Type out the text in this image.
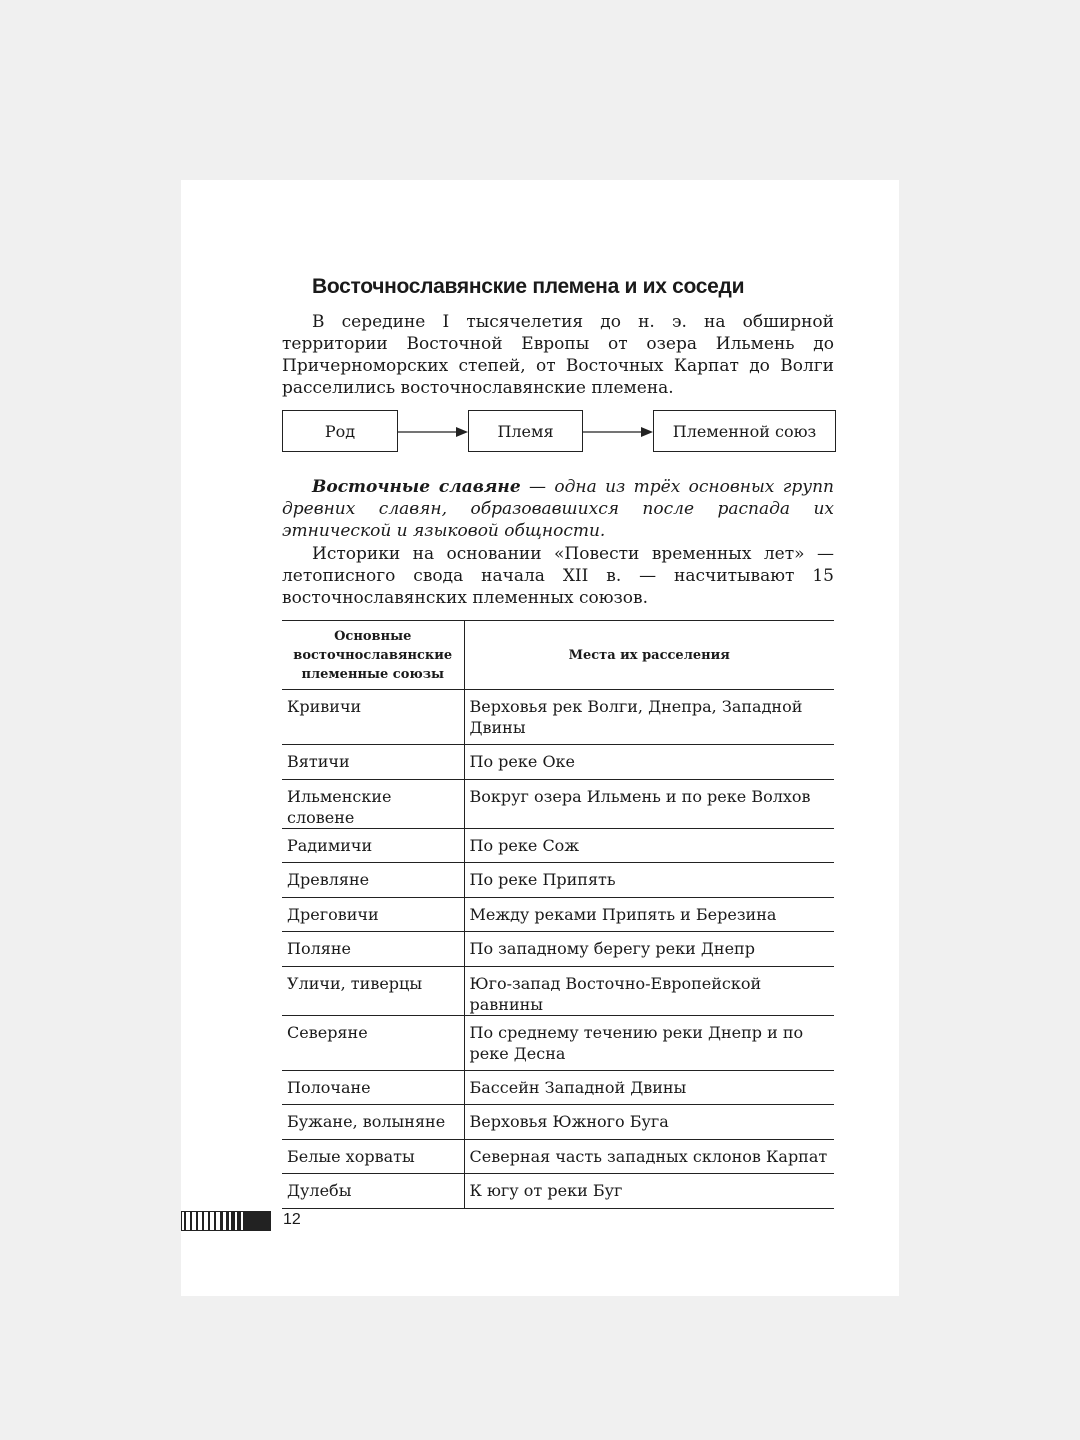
Восточнославянские племена и их соседи

В середине I тысячелетия до н. э. на обширной территории Восточной Европы от озера Ильмень до Причерноморских степей, от Восточных Карпат до Волги расселились восточнославянские племена.

Род	Племя	Племенной союз

Восточные славяне — одна из трёх основных групп древних славян, образовавшихся после распада их этнической и языковой общности.

Историки на основании «Повести временных лет» — летописного свода начала XII в. — насчитывают 15 восточнославянских племенных союзов.

Основные восточнославянские племенные союзы	Места их расселения
Кривичи	Верховья рек Волги, Днепра, Западной Двины
Вятичи	По реке Оке
Ильменские словене	Вокруг озера Ильмень и по реке Волхов
Радимичи	По реке Сож
Древляне	По реке Припять
Дреговичи	Между реками Припять и Березина
Поляне	По западному берегу реки Днепр
Уличи, тиверцы	Юго-запад Восточно-Европейской равнины
Северяне	По среднему течению реки Днепр и по реке Десна
Полочане	Бассейн Западной Двины
Бужане, волыняне	Верховья Южного Буга
Белые хорваты	Северная часть западных склонов Карпат
Дулебы	К югу от реки Буг
12
